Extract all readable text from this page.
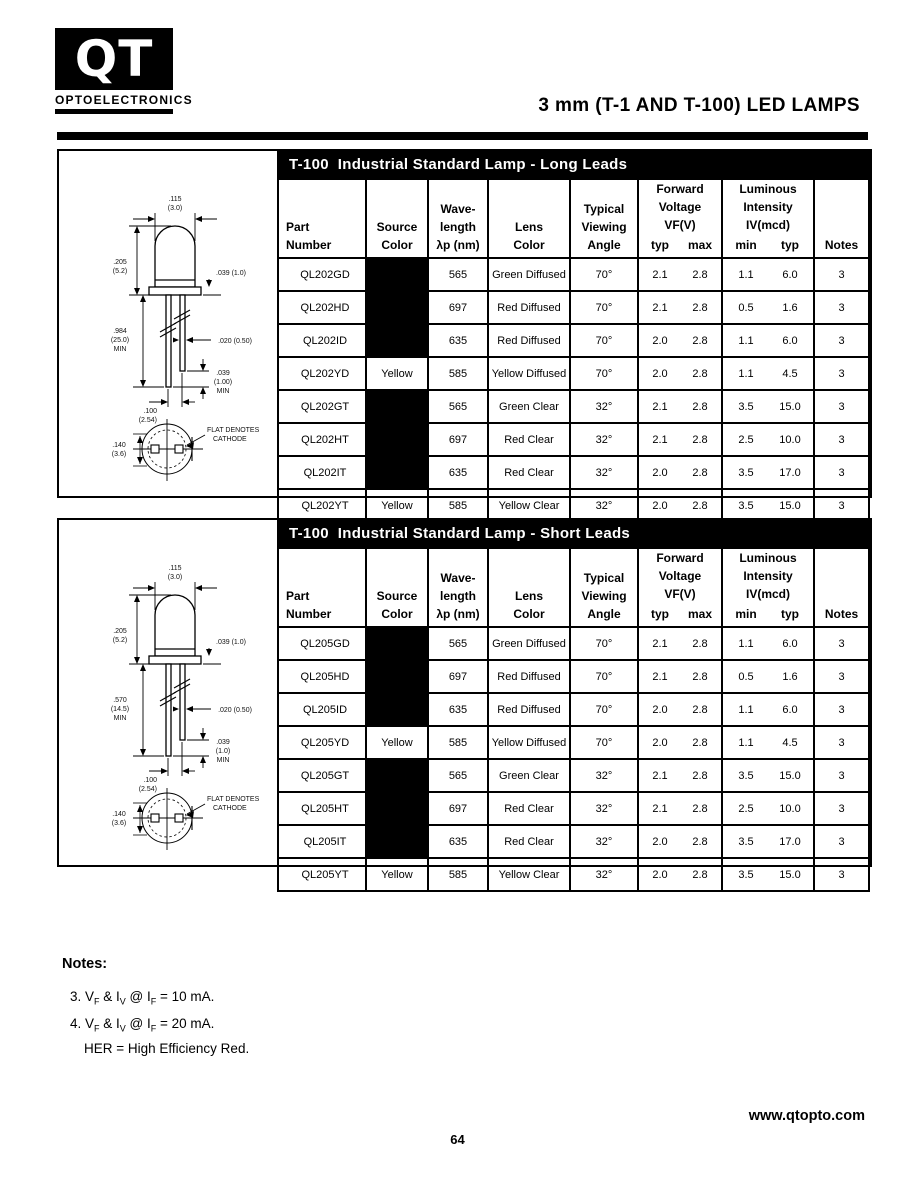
QT
OPTOELECTRONICS	3 mm (T-1 AND T-100) LED LAMPS
.115
(3.0)
.205
(5.2)	.039 (1.0)
.984
(25.0)
MIN
.020 (0.50)
.039
(1.00)
MIN
.100
(2.54)
.140
(3.6)
FLAT DENOTES
CATHODE
T-100  Industrial Standard Lamp - Long Leads
Part
Number

Source
Color

Wave-
length
λp (nm)

Lens
Color

Typical
Viewing
Angle

Forward
Voltage
VF(V)
typ	max

Luminous
Intensity
IV(mcd)
min	typ	Notes

QL202GD		565	Green Diffused	70°	2.1 2.8	1.1 6.0	3
QL202HD		697	Red Diffused	70°	2.1 2.8	0.5 1.6	3
QL202ID		635	Red Diffused	70°	2.0 2.8	1.1 6.0	3
QL202YD	Yellow	585	Yellow Diffused	70°	2.0 2.8	1.1 4.5	3
QL202GT		565	Green Clear	32°	2.1 2.8	3.5 15.0	3
QL202HT		697	Red Clear	32°	2.1 2.8	2.5 10.0	3
QL202IT		635	Red Clear	32°	2.0 2.8	3.5 17.0	3
QL202YT	Yellow	585	Yellow Clear	32°	2.0 2.8	3.5 15.0	3
.115
(3.0)
.205
(5.2)	.039 (1.0)
.570
(14.5)
MIN
.020 (0.50)
.039
(1.0)
MIN
.100
(2.54)
.140
(3.6)
FLAT DENOTES
CATHODE
T-100  Industrial Standard Lamp - Short Leads
Part
Number

Source
Color

Wave-
length
λp (nm)

Lens
Color

Typical
Viewing
Angle

Forward
Voltage
VF(V)
typ	max

Luminous
Intensity
IV(mcd)
min	typ	Notes

QL205GD		565	Green Diffused	70°	2.1 2.8	1.1 6.0	3
QL205HD		697	Red Diffused	70°	2.1 2.8	0.5 1.6	3
QL205ID		635	Red Diffused	70°	2.0 2.8	1.1 6.0	3
QL205YD	Yellow	585	Yellow Diffused	70°	2.0 2.8	1.1 4.5	3
QL205GT		565	Green Clear	32°	2.1 2.8	3.5 15.0	3
QL205HT		697	Red Clear	32°	2.1 2.8	2.5 10.0	3
QL205IT		635	Red Clear	32°	2.0 2.8	3.5 17.0	3
QL205YT	Yellow	585	Yellow Clear	32°	2.0 2.8	3.5 15.0	3
Notes:
3. $V_F$ & $I_V$ @ $I_F = 10$ mA.
4. $V_F$ & $I_V$ @ $I_F = 20$ mA.
HER = High Efficiency Red.
www.qtopto.com
64
